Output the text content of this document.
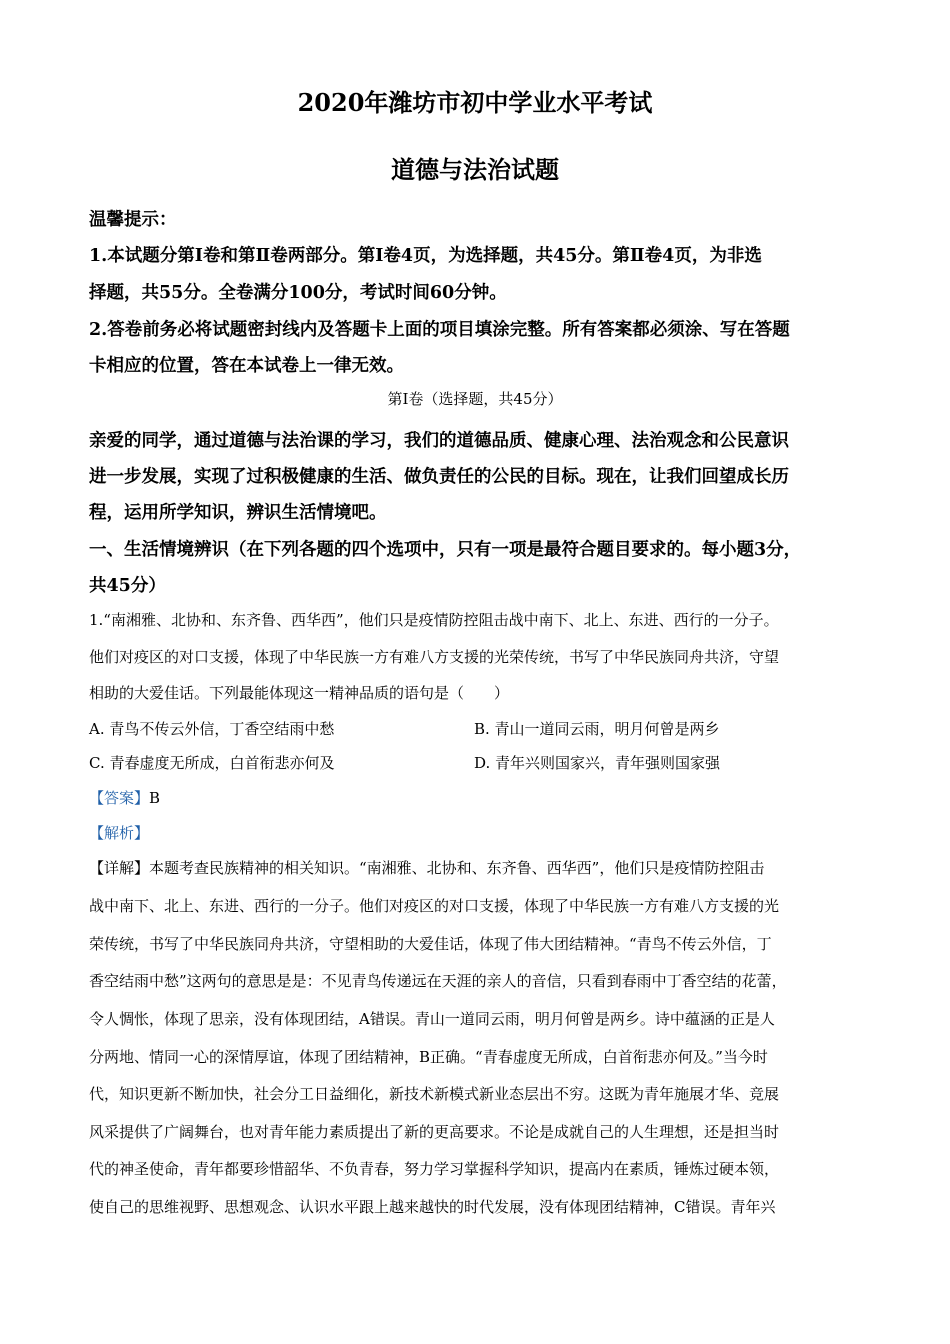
2020年潍坊市初中学业水平考试
道德与法治试题
温馨提示：
1.本试题分第Ⅰ卷和第Ⅱ卷两部分。第Ⅰ卷4页，为选择题，共45分。第Ⅱ卷4页，为非选
择题，共55分。全卷满分100分，考试时间60分钟。
2.答卷前务必将试题密封线内及答题卡上面的项目填涂完整。所有答案都必须涂、写在答题
卡相应的位置，答在本试卷上一律无效。
第Ⅰ卷（选择题，共45分）
亲爱的同学，通过道德与法治课的学习，我们的道德品质、健康心理、法治观念和公民意识
进一步发展，实现了过积极健康的生活、做负责任的公民的目标。现在，让我们回望成长历
程，运用所学知识，辨识生活情境吧。
一、生活情境辨识（在下列各题的四个选项中，只有一项是最符合题目要求的。每小题3分，
共45分）
1.“南湘雅、北协和、东齐鲁、西华西”，他们只是疫情防控阻击战中南下、北上、东进、西行的一分子。
他们对疫区的对口支援，体现了中华民族一方有难八方支援的光荣传统，书写了中华民族同舟共济，守望
相助的大爱佳话。下列最能体现这一精神品质的语句是（　　）
A. 青鸟不传云外信，丁香空结雨中愁	B. 青山一道同云雨，明月何曾是两乡
C. 青春虚度无所成，白首衔悲亦何及	D. 青年兴则国家兴，青年强则国家强
【答案】B
【解析】
【详解】本题考查民族精神的相关知识。“南湘雅、北协和、东齐鲁、西华西”，他们只是疫情防控阻击
战中南下、北上、东进、西行的一分子。他们对疫区的对口支援，体现了中华民族一方有难八方支援的光
荣传统，书写了中华民族同舟共济，守望相助的大爱佳话，体现了伟大团结精神。“青鸟不传云外信，丁
香空结雨中愁”这两句的意思是是：不见青鸟传递远在天涯的亲人的音信，只看到春雨中丁香空结的花蕾，
令人惆怅，体现了思亲，没有体现团结，A错误。青山一道同云雨，明月何曾是两乡。诗中蕴涵的正是人
分两地、情同一心的深情厚谊，体现了团结精神，B正确。“青春虚度无所成，白首衔悲亦何及。”当今时
代，知识更新不断加快，社会分工日益细化，新技术新模式新业态层出不穷。这既为青年施展才华、竞展
风采提供了广阔舞台，也对青年能力素质提出了新的更高要求。不论是成就自己的人生理想，还是担当时
代的神圣使命，青年都要珍惜韶华、不负青春，努力学习掌握科学知识，提高内在素质，锤炼过硬本领，
使自己的思维视野、思想观念、认识水平跟上越来越快的时代发展，没有体现团结精神，C错误。青年兴
